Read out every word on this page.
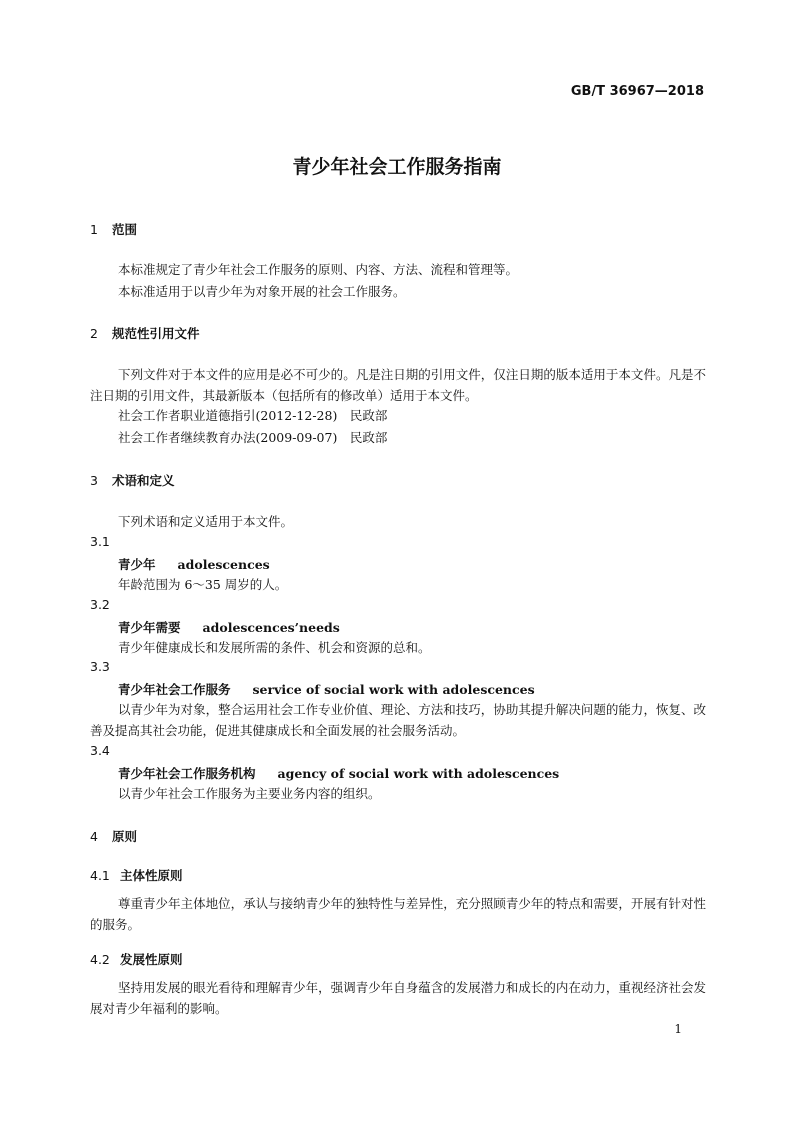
GB/T 36967—2018
青少年社会工作服务指南
1 范围
本标准规定了青少年社会工作服务的原则、内容、方法、流程和管理等。
本标准适用于以青少年为对象开展的社会工作服务。
2 规范性引用文件
下列文件对于本文件的应用是必不可少的。凡是注日期的引用文件，仅注日期的版本适用于本文件。凡是不注日期的引用文件，其最新版本（包括所有的修改单）适用于本文件。
社会工作者职业道德指引(2012-12-28)　民政部
社会工作者继续教育办法(2009-09-07)　民政部
3 术语和定义
下列术语和定义适用于本文件。
3.1
青少年 adolescences
年龄范围为 6～35 周岁的人。
3.2
青少年需要 adolescences’needs
青少年健康成长和发展所需的条件、机会和资源的总和。
3.3
青少年社会工作服务 service of social work with adolescences
以青少年为对象，整合运用社会工作专业价值、理论、方法和技巧，协助其提升解决问题的能力，恢复、改善及提高其社会功能，促进其健康成长和全面发展的社会服务活动。
3.4
青少年社会工作服务机构 agency of social work with adolescences
以青少年社会工作服务为主要业务内容的组织。
4 原则
4.1 主体性原则
尊重青少年主体地位，承认与接纳青少年的独特性与差异性，充分照顾青少年的特点和需要，开展有针对性的服务。
4.2 发展性原则
坚持用发展的眼光看待和理解青少年，强调青少年自身蕴含的发展潜力和成长的内在动力，重视经济社会发展对青少年福利的影响。
1
